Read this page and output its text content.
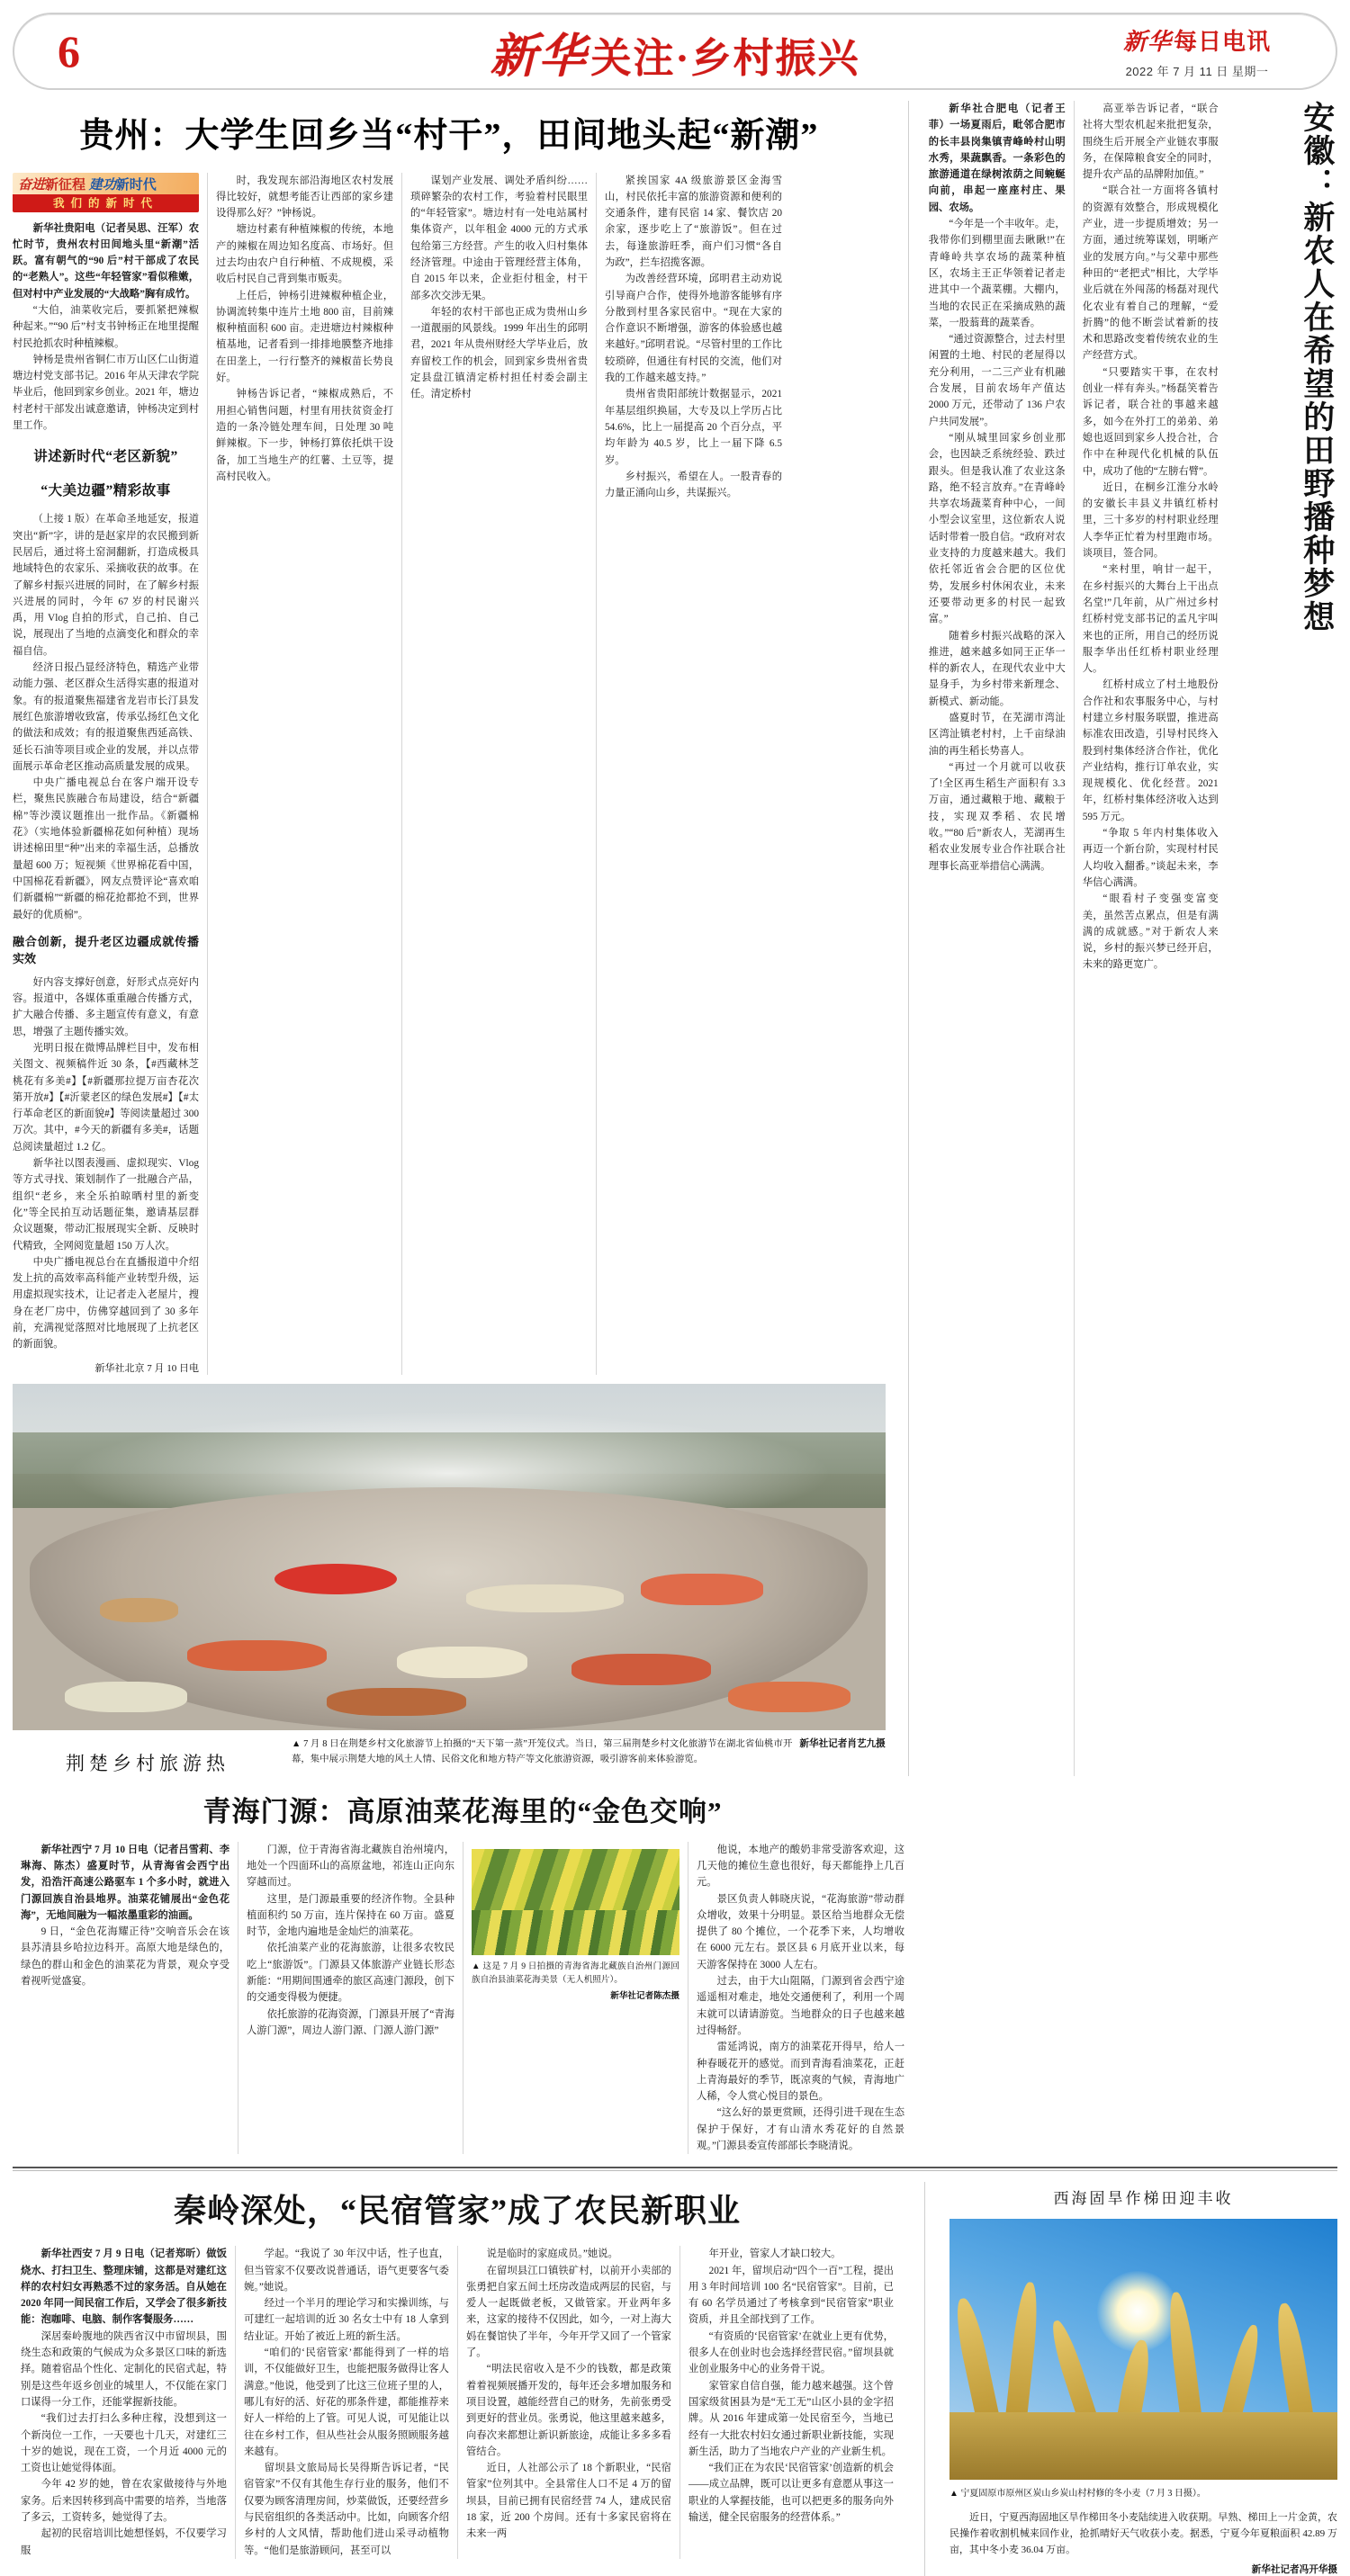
6	新华关注·乡村振兴	新华每日电讯
2022 年 7 月 11 日 星期一
贵州：大学生回乡当“村干”，田间地头起“新潮”
奋进新征程 建功新时代
我们的新时代

新华社贵阳电（记者吴思、汪军）农忙时节，贵州农村田间地头里“新潮”活跃。富有朝气的“90 后”村干部成了农民的“老熟人”。这些“年轻管家”看似稚嫩，但对村中产业发展的“大战略”胸有成竹。

“大伯，油菜收完后，要抓紧把辣椒种起来。”“90 后”村支书钟杨正在地里提醒村民抢抓农时种植辣椒。

钟杨是贵州省铜仁市万山区仁山街道塘边村党支部书记。2016 年从天津农学院毕业后，他回到家乡创业。2021 年，塘边村老村干部发出诚意邀请，钟杨决定到村里工作。

讲述新时代“老区新貌”
“大美边疆”精彩故事

（上接 1 版）在革命圣地延安，报道突出“新”字，讲的是赵家岸的农民搬到新民居后，通过将土窑洞翻新，打造成极具地域特色的农家乐、采摘收获的故事。在了解乡村振兴进展的同时，在了解乡村振兴进展的同时，今年 67 岁的村民谢兴禹，用 Vlog 自拍的形式，自己拍、自己说，展现出了当地的点滴变化和群众的幸福自信。

经济日报凸显经济特色，精选产业带动能力强、老区群众生活得实惠的报道对象。有的报道聚焦福建省龙岩市长汀县发展红色旅游增收致富，传承弘扬红色文化的做法和成效；有的报道聚焦西延高铁、延长石油等项目或企业的发展，并以点带面展示革命老区推动高质量发展的成果。

中央广播电视总台在客户端开设专栏，聚焦民族融合布局建设，结合“新疆棉”等沙漠议题推出一批作品。《新疆棉花》（实地体验新疆棉花如何种植）现场讲述棉田里“种”出来的幸福生活，总播放量超 600 万；短视频《世界棉花看中国，中国棉花看新疆》，网友点赞评论“喜欢咱们新疆棉”“新疆的棉花抢都抢不到，世界最好的优质棉”。

融合创新，提升老区边疆成就传播实效

好内容支撑好创意，好形式点亮好内容。报道中，各媒体重重融合传播方式，扩大融合传播、多主题宣传有意义，有意思，增强了主题传播实效。

光明日报在微博品牌栏目中，发布相关图文、视频稿件近 30 条，【#西藏林芝桃花有多美#】【#新疆那拉提万亩杏花次第开放#】【#沂蒙老区的绿色发展#】【#太行革命老区的新面貌#】等阅读量超过 300 万次。其中，#今天的新疆有多美#，话题总阅读量超过 1.2 亿。

新华社以图表漫画、虚拟现实、Vlog 等方式寻找、策划制作了一批融合产品，组织“老乡，来全乐拍晾晒村里的新变化”等全民拍互动话题征集，邀请基层群众议题聚，带动汇报展现实全新、反映时代精致，全网阅览量超 150 万人次。

中央广播电视总台在直播报道中介绍发上抗的高效率高科能产业转型升级，运用虚拟现实技术，让记者走入老屋片，搜身在老厂房中，仿佛穿越回到了 30 多年前，充满视觉落照对比地展现了上抗老区的新面貌。

新华社北京 7 月 10 日电

时，我发现东部沿海地区农村发展得比较好，就想考能否让西部的家乡建设得那么好？”钟杨说。

塘边村素有种植辣椒的传统，本地产的辣椒在周边知名度高、市场好。但过去均由农户自行种植、不成规模，采收后村民自己背到集市贩卖。

上任后，钟杨引进辣椒种植企业，协调流转集中连片土地 800 亩，目前辣椒种植面积 600 亩。走进塘边村辣椒种植基地，记者看到一排排地膜整齐地排在田垄上，一行行整齐的辣椒苗长势良好。

钟杨告诉记者，“辣椒成熟后，不用担心销售问题，村里有用扶贫资金打造的一条冷链处理车间，日处理 30 吨鲜辣椒。下一步，钟杨打算依托烘干设备，加工当地生产的红薯、土豆等，提高村民收入。

谋划产业发展、调处矛盾纠纷……琐碎繁杂的农村工作，考验着村民眼里的“年轻管家”。塘边村有一处电站属村集体资产，以年租金 4000 元的方式承包给第三方经营。产生的收入归村集体经济管理。中途由于管理经营主体角，自 2015 年以来，企业拒付租金，村干部多次交涉无果。

年轻的农村干部也正成为贵州山乡一道靓丽的风景线。1999 年出生的邱明君，2021 年从贵州财经大学毕业后，放弃留校工作的机会，回到家乡贵州省贵定县盘江镇清定桥村担任村委会副主任。清定桥村

紧挨国家 4A 级旅游景区金海雪山，村民依托丰富的旅游资源和便利的交通条件，建有民宿 14 家、餐饮店 20 余家，逐步吃上了“旅游饭”。但在过去，每逢旅游旺季，商户们习惯“各自为政”，拦车招揽客源。

为改善经营环境，邱明君主动劝说引导商户合作，使得外地游客能够有序分散到村里各家民宿中。“现在大家的合作意识不断增强，游客的体验感也越来越好。”邱明君说。“尽管村里的工作比较琐碎，但通往有村民的交流，他们对我的工作越来越支持。”

贵州省贵阳部统计数据显示，2021 年基层组织换届，大专及以上学历占比 54.6%，比上一届提高 20 个百分点，平均年龄为 40.5 岁，比上一届下降 6.5 岁。

乡村振兴，希望在人。一股青春的力量正涌向山乡，共谋振兴。

荆楚乡村旅游热
新华社记者肖艺九摄
▲ 7 月 8 日在荆楚乡村文化旅游节上拍摄的“天下第一蒸”开笼仪式。当日，第三届荆楚乡村文化旅游节在湖北省仙桃市开幕，集中展示荆楚大地的风土人情、民俗文化和地方特产等文化旅游资源，吸引游客前来体验游览。

新华社合肥电（记者王菲）一场夏雨后，毗邻合肥市的长丰县岗集镇青峰岭村山明水秀，果蔬飘香。一条彩色的旅游通道在绿树浓荫之间蜿蜒向前，串起一座座村庄、果园、农场。

“今年是一个丰收年。走，我带你们到棚里面去瞅瞅!”在青峰岭共享农场的蔬菜种植区，农场主王正华领着记者走进其中一个蔬菜棚。大棚内，当地的农民正在采摘成熟的蔬菜，一股蓊葺的蔬菜香。

“通过资源整合，过去村里闲置的土地、村民的老屋得以充分利用，一二三产业有机融合发展，目前农场年产值达 2000 万元，还带动了 136 户农户共同发展”。

“刚从城里回家乡创业那会，也因缺乏系统经验、跌过跟头。但是我认准了农业这条路，绝不轻言放弃。”在青峰岭共享农场蔬菜育种中心，一间小型会议室里，这位新农人说话时带着一股自信。“政府对农业支持的力度越来越大。我们依托邻近省会合肥的区位优势，发展乡村休闲农业，未来还要带动更多的村民一起致富。”

随着乡村振兴战略的深入推进，越来越多如同王正华一样的新农人，在现代农业中大显身手，为乡村带来新理念、新模式、新动能。

盛夏时节，在芜湖市湾沚区湾沚镇老村村，上千亩绿油油的再生稻长势喜人。

“再过一个月就可以收获了!全区再生稻生产面积有 3.3 万亩，通过藏粮于地、藏粮于技，实现双季稻、农民增收。”“80 后”新农人，芜湖再生稻农业发展专业合作社联合社理事长高亚举措信心满满。

高亚举告诉记者，“联合社将大型农机起来批把复杂，围绕生后开展全产业链农事服务，在保障粮食安全的同时，提升农产品的品牌附加值。”

“联合社一方面将各镇村的资源有效整合，形成规模化产业，进一步提质增效；另一方面，通过统筹谋划，明晰产业的发展方向。”与父辈中那些种田的“老把式”相比，大学毕业后就在外闯荡的杨磊对现代化农业有着自己的理解，“爱折腾”的他不断尝试着新的技术和思路改变着传统农业的生产经营方式。

“只要踏实干事，在农村创业一样有奔头。”杨磊笑着告诉记者，联合社的事越来越多，如今在外打工的弟弟、弟媳也返回到家乡人投合社，合作中在种现代化机械的队伍中，成功了他的“左膀右臂”。

近日，在桐乡江淮分水岭的安徽长丰县义井镇红桥村里，三十多岁的村村职业经理人李华正忙着为村里跑市场。谈项目，签合同。

“来村里，响甘一起干，在乡村振兴的大舞台上干出点名堂!”几年前，从广州过乡村红桥村党支部书记的孟凡宇叫来也的正所，用自己的经历说服李华出任红桥村职业经理人。

红桥村成立了村土地股份合作社和农事服务中心，与村村建立乡村服务联盟，推进高标准农田改造，引导村民终入股到村集体经济合作社，优化产业结构，推行订单农业，实现规模化、优化经营。2021 年，红桥村集体经济收入达到 595 万元。

“争取 5 年内村集体收入再迈一个新台阶，实现村村民人均收入翻番。”谈起未来，李华信心满满。

“眼看村子变强变富变美，虽然苦点累点，但是有满满的成就感。”对于新农人来说，乡村的振兴梦已经开启，未来的路更宽广。

安徽：新农人在希望的田野播种梦想
青海门源：高原油菜花海里的“金色交响”

新华社西宁 7 月 10 日电（记者吕雪莉、李琳海、陈杰）盛夏时节，从青海省会西宁出发，沿浩汗高速公路驱车 1 个多小时，就进入门源回族自治县地界。油菜花铺展出“金色花海”，无地间融为一幅浓墨重彩的油画。

9 日，“金色花海耀正待”交响音乐会在该县苏清县乡哈拉边科开。高原大地是绿色的，绿色的群山和金色的油菜花为背景，观众亨受着视听觉盛宴。

门源，位于青海省海北藏族自治州境内，地处一个四面环山的高原盆地，祁连山正向东穿越而过。

这里，是门源最重要的经济作物。全县种植面积约 50 万亩，连片保持在 60 万亩。盛夏时节，金地内遍地是金灿烂的油菜花。

依托油菜产业的花海旅游，让很多农牧民吃上“旅游饭”。门源县又体旅游产业链长形态新能：“用期间围通牵的旅区高速门源段，创下的交通变得极为便捷。

依托旅游的花海资源，门源县开展了“青海人游门源”，周边人游门源、门源人游门源”

▲ 这是 7 月 9 日拍摄的青海省海北藏族自治州门源回族自治县油菜花海美景（无人机照片）。
新华社记者陈杰摄

他说，本地产的酸奶非常受游客欢迎，这几天他的摊位生意也很好，每天都能挣上几百元。

景区负责人韩晓庆说，“花海旅游”带动群众增收，效果十分明显。景区给当地群众无偿提供了 80 个摊位，一个花季下来，人均增收在 6000 元左右。景区县 6 月底开业以来，每天游客保持在 3000 人左右。

过去，由于大山阻隔，门源到省会西宁途遥遥相对难走，地处交通便利了，利用一个周末就可以请请游览。当地群众的日子也越来越过得畅舒。

雷延鸿说，南方的油菜花开得早，给人一种春暖花开的感觉。而到青海看油菜花，正赶上青海最好的季节，既凉爽的气候，青海地广人稀，令人赏心悦目的景色。

“这么好的景更赏顾，还得引进千现在生态保护于保好，才有山清水秀花好的自然景观。”门源县委宣传部部长李晓清说。

秦岭深处，“民宿管家”成了农民新职业

新华社西安 7 月 9 日电（记者郑昕）做饭烧水、打扫卫生、整理床铺，这都是对建红这样的农村妇女再熟悉不过的家务活。自从她在 2020 年同一间民宿工作后，又学会了很多新技能：泡咖啡、电脑、制作客餐服务……

深居秦岭腹地的陕西省汉中市留坝县，围绕生态和政策的气候成为众多景区口味的新选择。随着宿品个性化、定制化的民宿式起，特别是这些年返乡创业的城里人，不仅能在家门口谋得一分工作，还能掌握新技能。

“我们过去打扫么多种庄稼，没想到这一个新岗位一工作，一天要也十几天，对建红三十岁的她说，现在工资，一个月近 4000 元的工资也让她觉得体面。

今年 42 岁的她，曾在农家做接待与外地家务。后来因转移到高中需要的培养，当地落了多云，工资转多，她觉得了去。

起初的民宿培训比她想怪妈，不仅要学习服

学起。“我说了 30 年汉中话，性子也直，但当管家不仅要改说普通话，语气更要客气委婉。”她说。

经过一个半月的理论学习和实操训练，与可建红一起培训的近 30 名女士中有 18 人拿到结业证。开始了被近上班的新生活。

“咱们的‘民宿管家’都能得到了一样的培训，不仅能做好卫生，也能把服务做得让客人满意。”他说，他受到了比这三位班子里的人，哪儿有好的活、好花的那条件建，都能推荐来好人一样给的上了管。可见人说，可见能让以往在乡村工作，但从些社会从服务照顾服务越来越有。

留坝县文旅局局长吴得斯告诉记者，“民宿管家”不仅有其他生存行业的服务，他们不仅要为顾客清理房间，炒菜做饭，还要经营乡与民宿组织的各类活动中。比如，向顾客介绍乡村的人文风情，帮助他们进山采寻动植物等。“他们是旅游顾问，甚至可以

说是临时的家庭成员。”她说。

在留坝县江口镇铁矿村，以前开小卖部的张勇把自家五间土坯房改造成两层的民宿，与爱人一起既做老板，又做管家。开业两年多来，这家的接待不仅因此，如今，一对上海大妈在餐馆快了半年，今年开学又回了一个管家了。

“明法民宿收入是不少的钱数，都是政策着着视频展播开发的，每年还会多增加服务和项目设置，越能经营自己的财务，先前张勇受到更好的营业员。张勇说，他这里越来越多，向春次来都想让新识新旅途，成能让多多多看管结合。

近日，人社部公示了 18 个新职业，“民宿管家”位列其中。全县常住人口不足 4 万的留坝县，目前已拥有民宿经营 74 人，建成民宿 18 家，近 200 个房间。还有十多家民宿将在未来一两

年开业，管家人才缺口较大。

2021 年，留坝启动“四个一百”工程，提出用 3 年时间培训 100 名“民宿管家”。目前，已有 60 名学员通过了考核拿到“民宿管家”职业资质，并且全部找到了工作。

“有资质的‘民宿管家’在就业上更有优势，很多人在创业时也会选择经营民宿。”留坝县就业创业服务中心的业务骨干说。

家管家自信自强，能力越来越强。这个曾国家级贫困县为是“无工无”山区小县的金字招牌。从 2016 年建成第一处民宿至今，当地已经有一大批农村妇女通过新职业新技能，实现新生活，助力了当地农户产业的产业新生机。

“我们正在为农民‘民宿管家’创造新的机会——成立品牌，既可以让更多有意愿从事这一职业的人掌握技能，也可以把更多的服务向外输送，健全民宿服务的经营体系。”

西海固旱作梯田迎丰收
▲ 宁夏固原市原州区炭山乡炭山村村修的冬小麦（7 月 3 日摄）。

近日，宁夏西海固地区旱作梯田冬小麦陆续进入收获期。早熟、梯田上一片金黄，农民操作着收割机械来回作业，抢抓晴好天气收获小麦。据悉，宁夏今年夏粮面积 42.89 万亩，其中冬小麦 36.04 万亩。

新华社记者冯开华摄
